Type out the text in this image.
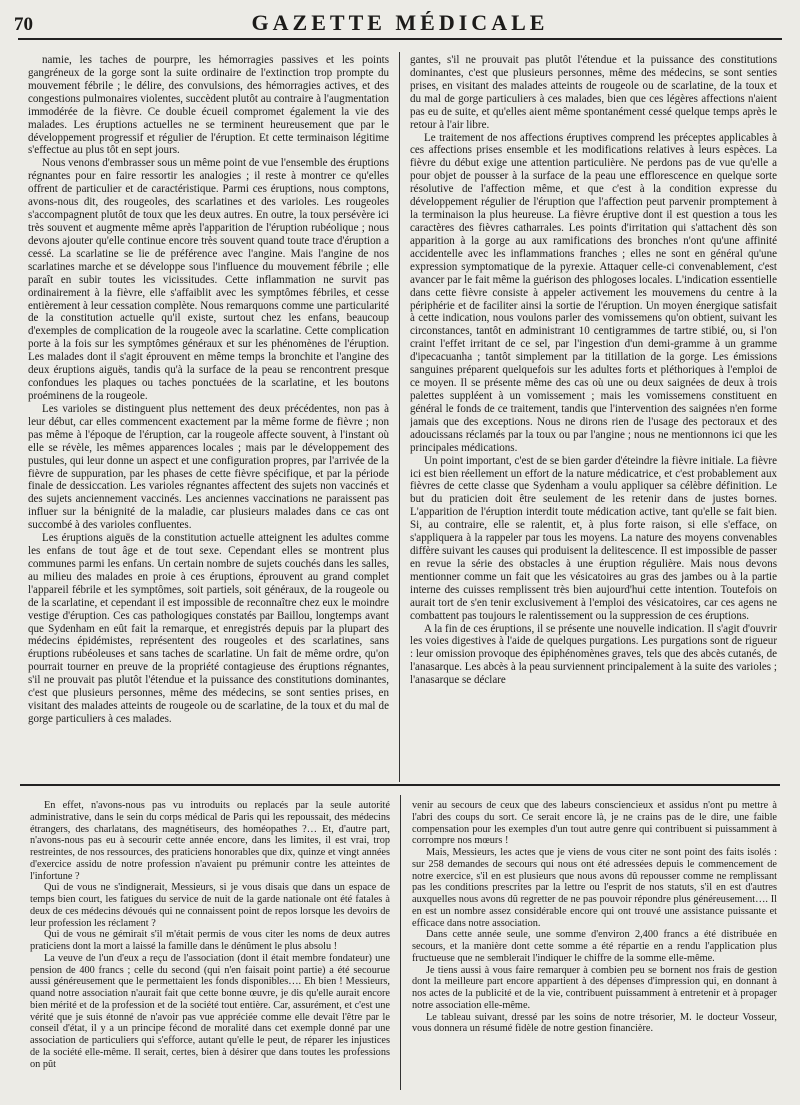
70	GAZETTE MÉDICALE

namie, les taches de pourpre, les hémorragies passives et les points gangréneux de la gorge sont la suite ordinaire de l'extinction trop prompte du mouvement fébrile ; le délire, des convulsions, des hémorragies actives, et des congestions pulmonaires violentes, succèdent plutôt au contraire à l'augmentation immodérée de la fièvre. Ce double écueil compromet également la vie des malades. Les éruptions actuelles ne se terminent heureusement que par le développement progressif et régulier de l'éruption. Et cette terminaison légitime s'effectue au plus tôt en sept jours.

Nous venons d'embrasser sous un même point de vue l'ensemble des éruptions régnantes pour en faire ressortir les analogies ; il reste à montrer ce qu'elles offrent de particulier et de caractéristique. Parmi ces éruptions, nous comptons, avons-nous dit, des rougeoles, des scarlatines et des varioles. Les rougeoles s'accompagnent plutôt de toux que les deux autres. En outre, la toux persévère ici très souvent et augmente même après l'apparition de l'éruption rubéolique ; nous devons ajouter qu'elle continue encore très souvent quand toute trace d'éruption a cessé. La scarlatine se lie de préférence avec l'angine. Mais l'angine de nos scarlatines marche et se développe sous l'influence du mouvement fébrile ; elle paraît en subir toutes les vicissitudes. Cette inflammation ne survit pas ordinairement à la fièvre, elle s'affaiblit avec les symptômes fébriles, et cesse entièrement à leur cessation complète. Nous remarquons comme une particularité de la constitution actuelle qu'il existe, surtout chez les enfans, beaucoup d'exemples de complication de la rougeole avec la scarlatine. Cette complication porte à la fois sur les symptômes généraux et sur les phénomènes de l'éruption. Les malades dont il s'agit éprouvent en même temps la bronchite et l'angine des deux éruptions aiguës, tandis qu'à la surface de la peau se rencontrent presque confondues les plaques ou taches ponctuées de la scarlatine, et les boutons proéminens de la rougeole.

Les varioles se distinguent plus nettement des deux précédentes, non pas à leur début, car elles commencent exactement par la même forme de fièvre ; non pas même à l'époque de l'éruption, car la rougeole affecte souvent, à l'instant où elle se révèle, les mêmes apparences locales ; mais par le développement des pustules, qui leur donne un aspect et une configuration propres, par l'arrivée de la fièvre de suppuration, par les phases de cette fièvre spécifique, et par la période finale de dessiccation. Les varioles régnantes affectent des sujets non vaccinés et des sujets anciennement vaccinés. Les anciennes vaccinations ne paraissent pas influer sur la bénignité de la maladie, car plusieurs malades dans ce cas ont succombé à des varioles confluentes.

Les éruptions aiguës de la constitution actuelle atteignent les adultes comme les enfans de tout âge et de tout sexe. Cependant elles se montrent plus communes parmi les enfans. Un certain nombre de sujets couchés dans les salles, au milieu des malades en proie à ces éruptions, éprouvent au grand complet l'appareil fébrile et les symptômes, soit partiels, soit généraux, de la rougeole ou de la scarlatine, et cependant il est impossible de reconnaître chez eux le moindre vestige d'éruption. Ces cas pathologiques constatés par Baillou, longtemps avant que Sydenham en eût fait la remarque, et enregistrés depuis par la plupart des médecins épidémistes, représentent des rougeoles et des scarlatines, sans éruptions rubéoleuses et sans taches de scarlatine. Un fait de même ordre, qu'on pourrait tourner en preuve de la propriété contagieuse des éruptions régnantes, s'il ne prouvait pas plutôt l'étendue et la puissance des constitutions dominantes, c'est que plusieurs personnes, même des médecins, se sont senties prises, en visitant des malades atteints de rougeole ou de scarlatine, de la toux et du mal de gorge particuliers à ces malades.

gantes, s'il ne prouvait pas plutôt l'étendue et la puissance des constitutions dominantes, c'est que plusieurs personnes, même des médecins, se sont senties prises, en visitant des malades atteints de rougeole ou de scarlatine, de la toux et du mal de gorge particuliers à ces malades, bien que ces légères affections n'aient pas eu de suite, et qu'elles aient même spontanément cessé quelque temps après le retour à l'air libre.

Le traitement de nos affections éruptives comprend les préceptes applicables à ces affections prises ensemble et les modifications relatives à leurs espèces. La fièvre du début exige une attention particulière. Ne perdons pas de vue qu'elle a pour objet de pousser à la surface de la peau une efflorescence en quelque sorte résolutive de l'affection même, et que c'est à la condition expresse du développement régulier de l'éruption que l'affection peut parvenir promptement à la terminaison la plus heureuse. La fièvre éruptive dont il est question a tous les caractères des fièvres catharrales. Les points d'irritation qui s'attachent dès son apparition à la gorge au aux ramifications des bronches n'ont qu'une affinité accidentelle avec les inflammations franches ; elles ne sont en général qu'une expression symptomatique de la pyrexie. Attaquer celle-ci convenablement, c'est avancer par le fait même la guérison des phlogoses locales. L'indication essentielle dans cette fièvre consiste à appeler activement les mouvemens du centre à la périphérie et de faciliter ainsi la sortie de l'éruption. Un moyen énergique satisfait à cette indication, nous voulons parler des vomissemens qu'on obtient, suivant les circonstances, tantôt en administrant 10 centigrammes de tartre stibié, ou, si l'on craint l'effet irritant de ce sel, par l'ingestion d'un demi-gramme à un gramme d'ipecacuanha ; tantôt simplement par la titillation de la gorge. Les émissions sanguines préparent quelquefois sur les adultes forts et pléthoriques à l'emploi de ce moyen. Il se présente même des cas où une ou deux saignées de deux à trois palettes suppléent à un vomissement ; mais les vomissemens constituent en général le fonds de ce traitement, tandis que l'intervention des saignées n'en forme jamais que des exceptions. Nous ne dirons rien de l'usage des pectoraux et des adoucissans réclamés par la toux ou par l'angine ; nous ne mentionnons ici que les principales médications.

Un point important, c'est de se bien garder d'éteindre la fièvre initiale. La fièvre ici est bien réellement un effort de la nature médicatrice, et c'est probablement aux fièvres de cette classe que Sydenham a voulu appliquer sa célèbre définition. Le but du praticien doit être seulement de les retenir dans de justes bornes. L'apparition de l'éruption interdit toute médication active, tant qu'elle se fait bien. Si, au contraire, elle se ralentit, et, à plus forte raison, si elle s'efface, on s'appliquera à la rappeler par tous les moyens. La nature des moyens convenables diffère suivant les causes qui produisent la delitescence. Il est impossible de passer en revue la série des obstacles à une éruption régulière. Mais nous devons mentionner comme un fait que les vésicatoires au gras des jambes ou à la partie interne des cuisses remplissent très bien aujourd'hui cette intention. Toutefois on aurait tort de s'en tenir exclusivement à l'emploi des vésicatoires, car ces agens ne combattent pas toujours le ralentissement ou la suppression de ces éruptions.

A la fin de ces éruptions, il se présente une nouvelle indication. Il s'agit d'ouvrir les voies digestives à l'aide de quelques purgations. Les purgations sont de rigueur : leur omission provoque des épiphénomènes graves, tels que des abcès cutanés, de l'anasarque. Les abcès à la peau surviennent principalement à la suite des varioles ; l'anasarque se déclare

En effet, n'avons-nous pas vu introduits ou replacés par la seule autorité administrative, dans le sein du corps médical de Paris qui les repoussait, des médecins étrangers, des charlatans, des magnétiseurs, des homéopathes ?… Et, d'autre part, n'avons-nous pas eu à secourir cette année encore, dans les limites, il est vrai, trop restreintes, de nos ressources, des praticiens honorables que dix, quinze et vingt années d'exercice assidu de notre profession n'avaient pu prémunir contre les atteintes de l'infortune ?

Qui de vous ne s'indignerait, Messieurs, si je vous disais que dans un espace de temps bien court, les fatigues du service de nuit de la garde nationale ont été fatales à deux de ces médecins dévoués qui ne connaissent point de repos lorsque les devoirs de leur profession les réclament ?

Qui de vous ne gémirait s'il m'était permis de vous citer les noms de deux autres praticiens dont la mort a laissé la famille dans le dénûment le plus absolu !

La veuve de l'un d'eux a reçu de l'association (dont il était membre fondateur) une pension de 400 francs ; celle du second (qui n'en faisait point partie) a été secourue aussi généreusement que le permettaient les fonds disponibles…. Eh bien ! Messieurs, quand notre association n'aurait fait que cette bonne œuvre, je dis qu'elle aurait encore bien mérité et de la profession et de la société tout entière. Car, assurément, et c'est une vérité que je suis étonné de n'avoir pas vue appréciée comme elle devait l'être par le conseil d'état, il y a un principe fécond de moralité dans cet exemple donné par une association de particuliers qui s'efforce, autant qu'elle le peut, de réparer les injustices de la société elle-même. Il serait, certes, bien à désirer que dans toutes les professions on pût

venir au secours de ceux que des labeurs consciencieux et assidus n'ont pu mettre à l'abri des coups du sort. Ce serait encore là, je ne crains pas de le dire, une faible compensation pour les exemples d'un tout autre genre qui contribuent si puissamment à corrompre nos mœurs !

Mais, Messieurs, les actes que je viens de vous citer ne sont point des faits isolés : sur 258 demandes de secours qui nous ont été adressées depuis le commencement de notre exercice, s'il en est plusieurs que nous avons dû repousser comme ne remplissant pas les conditions prescrites par la lettre ou l'esprit de nos statuts, s'il en est d'autres auxquelles nous avons dû regretter de ne pas pouvoir répondre plus généreusement…. Il en est un nombre assez considérable encore qui ont trouvé une assistance puissante et efficace dans notre association.

Dans cette année seule, une somme d'environ 2,400 francs a été distribuée en secours, et la manière dont cette somme a été répartie en a rendu l'application plus fructueuse que ne semblerait l'indiquer le chiffre de la somme elle-même.

Je tiens aussi à vous faire remarquer à combien peu se bornent nos frais de gestion dont la meilleure part encore appartient à des dépenses d'impression qui, en donnant à nos actes de la publicité et de la vie, contribuent puissamment à entretenir et à propager notre association elle-même.

Le tableau suivant, dressé par les soins de notre trésorier, M. le docteur Vosseur, vous donnera un résumé fidèle de notre gestion financière.
